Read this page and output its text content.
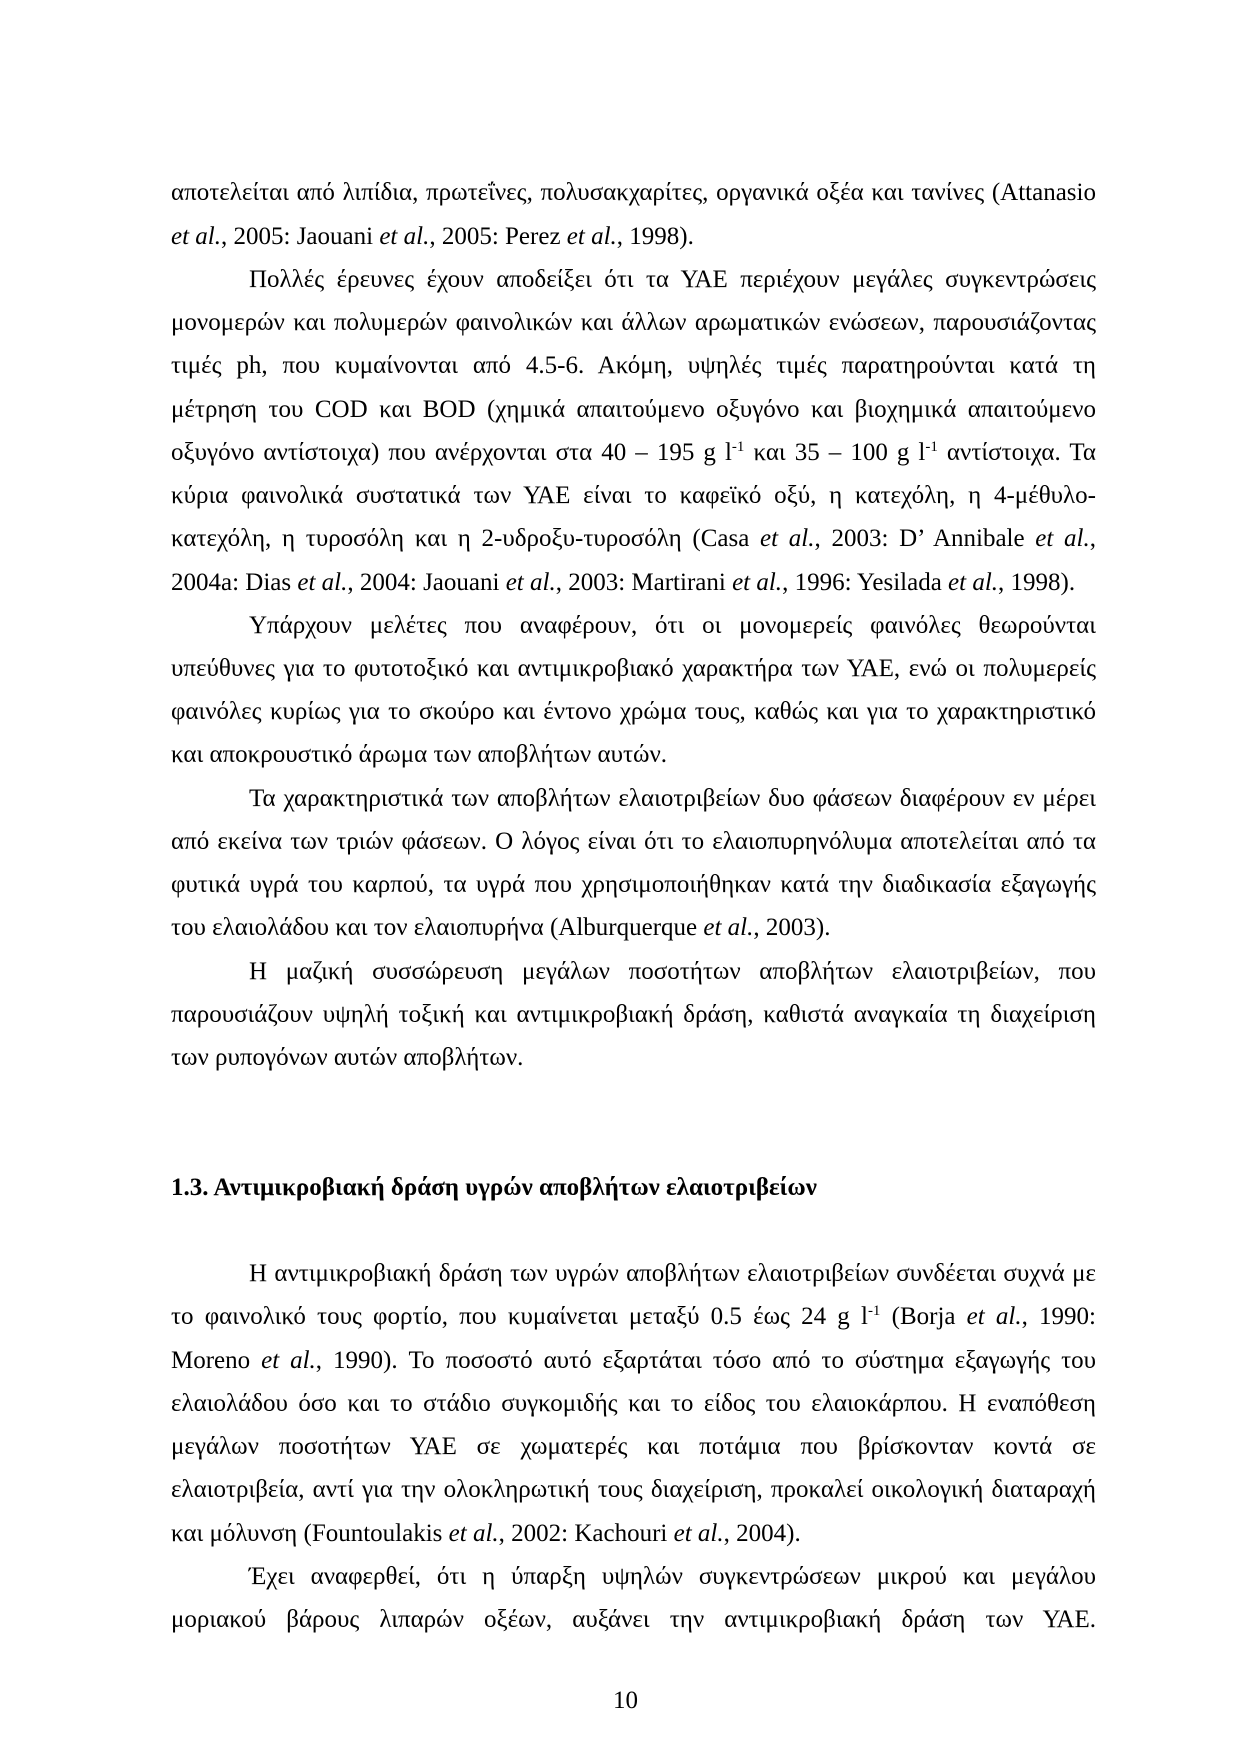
αποτελείται από λιπίδια, πρωτεΐνες, πολυσακχαρίτες, οργανικά οξέα και τανίνες (Attanasio
et al., 2005: Jaouani et al., 2005: Perez et al., 1998).
Πολλές έρευνες έχουν αποδείξει ότι τα ΥΑΕ περιέχουν μεγάλες συγκεντρώσεις
μονομερών και πολυμερών φαινολικών και άλλων αρωματικών ενώσεων, παρουσιάζοντας
τιμές ph, που κυμαίνονται από 4.5-6. Ακόμη, υψηλές τιμές παρατηρούνται κατά τη
μέτρηση του COD και BOD (χημικά απαιτούμενο οξυγόνο και βιοχημικά απαιτούμενο
οξυγόνο αντίστοιχα) που ανέρχονται στα 40 – 195 g $l^{-1}$ και 35 – 100 g $l^{-1}$ αντίστοιχα. Τα
κύρια φαινολικά συστατικά των ΥΑΕ είναι το καφεϊκό οξύ, η κατεχόλη, η 4-μέθυλο-
κατεχόλη, η τυροσόλη και η 2-υδροξυ-τυροσόλη (Casa et al., 2003: D’ Annibale et al.,
2004a: Dias et al., 2004: Jaouani et al., 2003: Martirani et al., 1996: Yesilada et al., 1998).
Υπάρχουν μελέτες που αναφέρουν, ότι οι μονομερείς φαινόλες θεωρούνται
υπεύθυνες για το φυτοτοξικό και αντιμικροβιακό χαρακτήρα των ΥΑΕ, ενώ οι πολυμερείς
φαινόλες κυρίως για το σκούρο και έντονο χρώμα τους, καθώς και για το χαρακτηριστικό
και αποκρουστικό άρωμα των αποβλήτων αυτών.
Τα χαρακτηριστικά των αποβλήτων ελαιοτριβείων δυο φάσεων διαφέρουν εν μέρει
από εκείνα των τριών φάσεων. Ο λόγος είναι ότι το ελαιοπυρηνόλυμα αποτελείται από τα
φυτικά υγρά του καρπού, τα υγρά που χρησιμοποιήθηκαν κατά την διαδικασία εξαγωγής
του ελαιολάδου και τον ελαιοπυρήνα (Alburquerque et al., 2003).
Η μαζική συσσώρευση μεγάλων ποσοτήτων αποβλήτων ελαιοτριβείων, που
παρουσιάζουν υψηλή τοξική και αντιμικροβιακή δράση, καθιστά αναγκαία τη διαχείριση
των ρυπογόνων αυτών αποβλήτων.
1.3. Αντιμικροβιακή δράση υγρών αποβλήτων ελαιοτριβείων
Η αντιμικροβιακή δράση των υγρών αποβλήτων ελαιοτριβείων συνδέεται συχνά με
το φαινολικό τους φορτίο, που κυμαίνεται μεταξύ 0.5 έως 24 g $l^{-1}$ (Borja et al., 1990:
Moreno et al., 1990). Το ποσοστό αυτό εξαρτάται τόσο από το σύστημα εξαγωγής του
ελαιολάδου όσο και το στάδιο συγκομιδής και το είδος του ελαιοκάρπου. Η εναπόθεση
μεγάλων ποσοτήτων ΥΑΕ σε χωματερές και ποτάμια που βρίσκονταν κοντά σε
ελαιοτριβεία, αντί για την ολοκληρωτική τους διαχείριση, προκαλεί οικολογική διαταραχή
και μόλυνση (Fountoulakis et al., 2002: Kachouri et al., 2004).
Έχει αναφερθεί, ότι η ύπαρξη υψηλών συγκεντρώσεων μικρού και μεγάλου
μοριακού βάρους λιπαρών οξέων, αυξάνει την αντιμικροβιακή δράση των ΥΑΕ.
10
